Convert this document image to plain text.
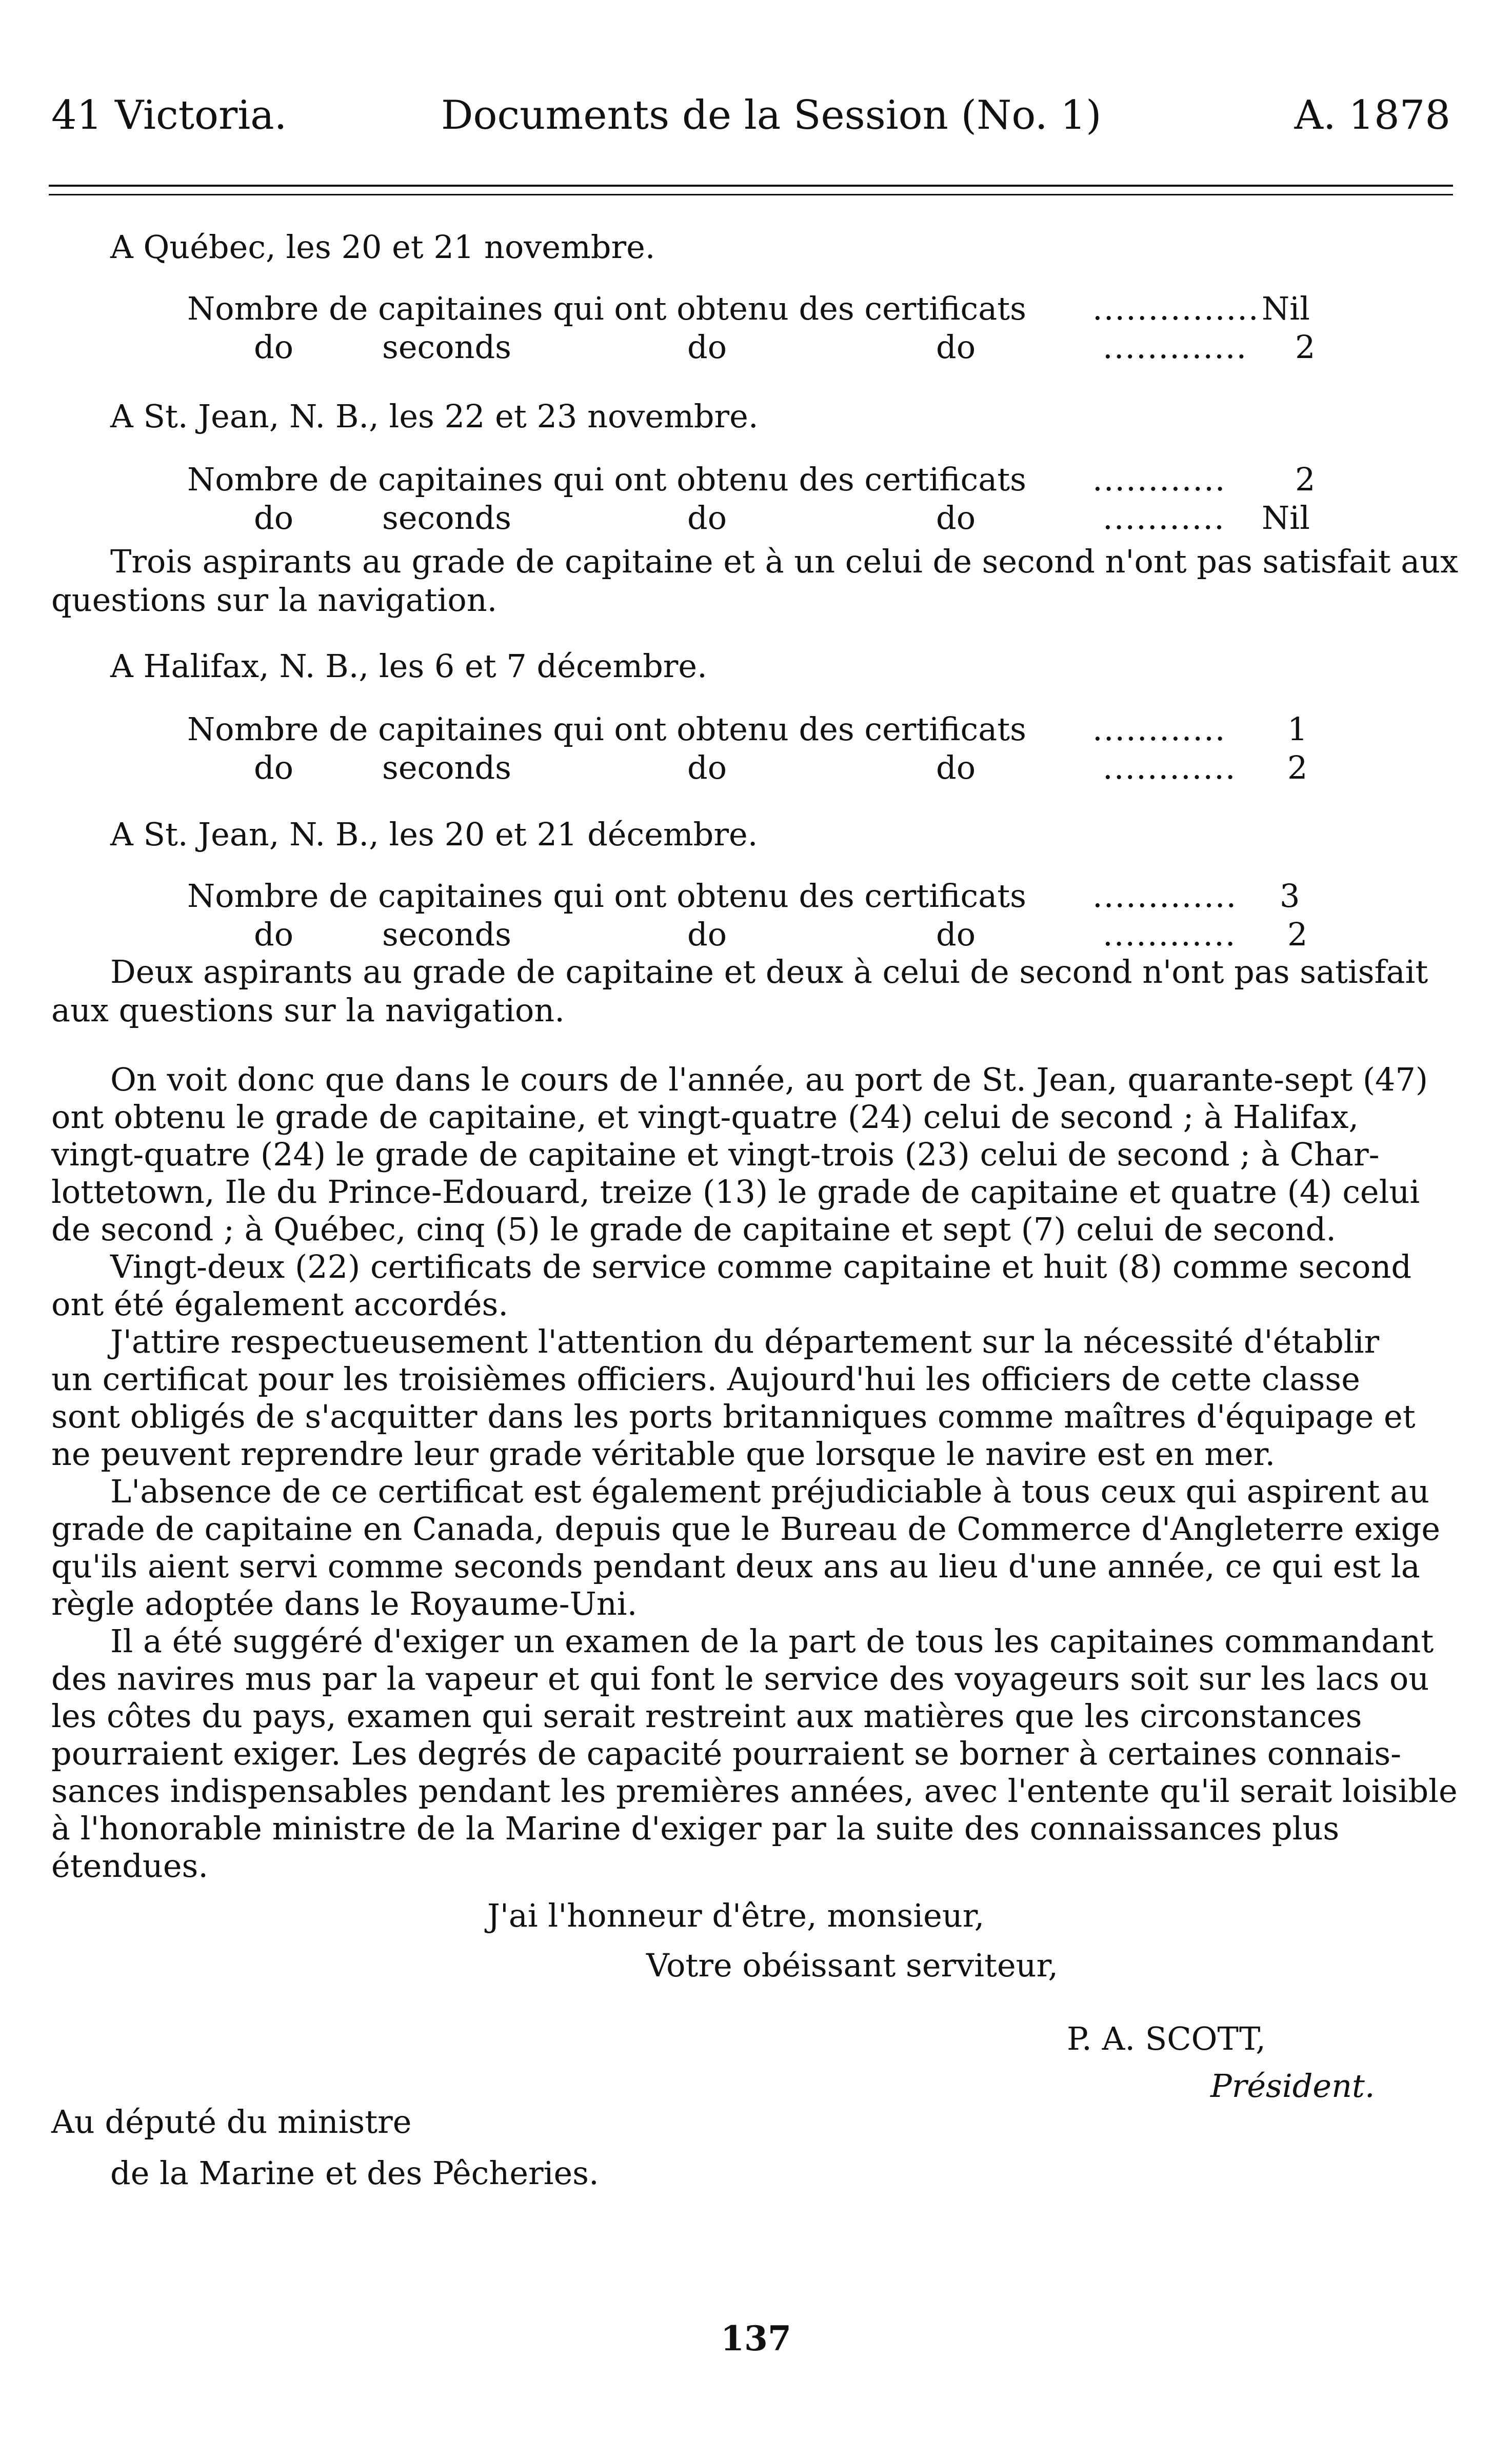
41 Victoria.	Documents de la Session (No. 1)	A. 1878
A Québec, les 20 et 21 novembre.
Nombre de capitaines qui ont obtenu des certificats ............... Nil
do	seconds	do	do	............. 2
A St. Jean, N. B., les 22 et 23 novembre.
Nombre de capitaines qui ont obtenu des certificats ............ 2
do	seconds	do	do	........... Nil
Trois aspirants au grade de capitaine et à un celui de second n'ont pas satisfait aux
questions sur la navigation.
A Halifax, N. B., les 6 et 7 décembre.
Nombre de capitaines qui ont obtenu des certificats ............ 1
do	seconds	do	do	............ 2
A St. Jean, N. B., les 20 et 21 décembre.
Nombre de capitaines qui ont obtenu des certificats ............. 3
do	seconds	do	do	............ 2
Deux aspirants au grade de capitaine et deux à celui de second n'ont pas satisfait
aux questions sur la navigation.
On voit donc que dans le cours de l'année, au port de St. Jean, quarante-sept (47)
ont obtenu le grade de capitaine, et vingt-quatre (24) celui de second ; à Halifax,
vingt-quatre (24) le grade de capitaine et vingt-trois (23) celui de second ; à Char-
lottetown, Ile du Prince-Edouard, treize (13) le grade de capitaine et quatre (4) celui
de second ; à Québec, cinq (5) le grade de capitaine et sept (7) celui de second.
Vingt-deux (22) certificats de service comme capitaine et huit (8) comme second
ont été également accordés.
J'attire respectueusement l'attention du département sur la nécessité d'établir
un certificat pour les troisièmes officiers. Aujourd'hui les officiers de cette classe
sont obligés de s'acquitter dans les ports britanniques comme maîtres d'équipage et
ne peuvent reprendre leur grade véritable que lorsque le navire est en mer.
L'absence de ce certificat est également préjudiciable à tous ceux qui aspirent au
grade de capitaine en Canada, depuis que le Bureau de Commerce d'Angleterre exige
qu'ils aient servi comme seconds pendant deux ans au lieu d'une année, ce qui est la
règle adoptée dans le Royaume-Uni.
Il a été suggéré d'exiger un examen de la part de tous les capitaines commandant
des navires mus par la vapeur et qui font le service des voyageurs soit sur les lacs ou
les côtes du pays, examen qui serait restreint aux matières que les circonstances
pourraient exiger. Les degrés de capacité pourraient se borner à certaines connais-
sances indispensables pendant les premières années, avec l'entente qu'il serait loisible
à l'honorable ministre de la Marine d'exiger par la suite des connaissances plus
étendues.
J'ai l'honneur d'être, monsieur,
Votre obéissant serviteur,
P. A. SCOTT,
Président.
Au député du ministre
de la Marine et des Pêcheries.
137
